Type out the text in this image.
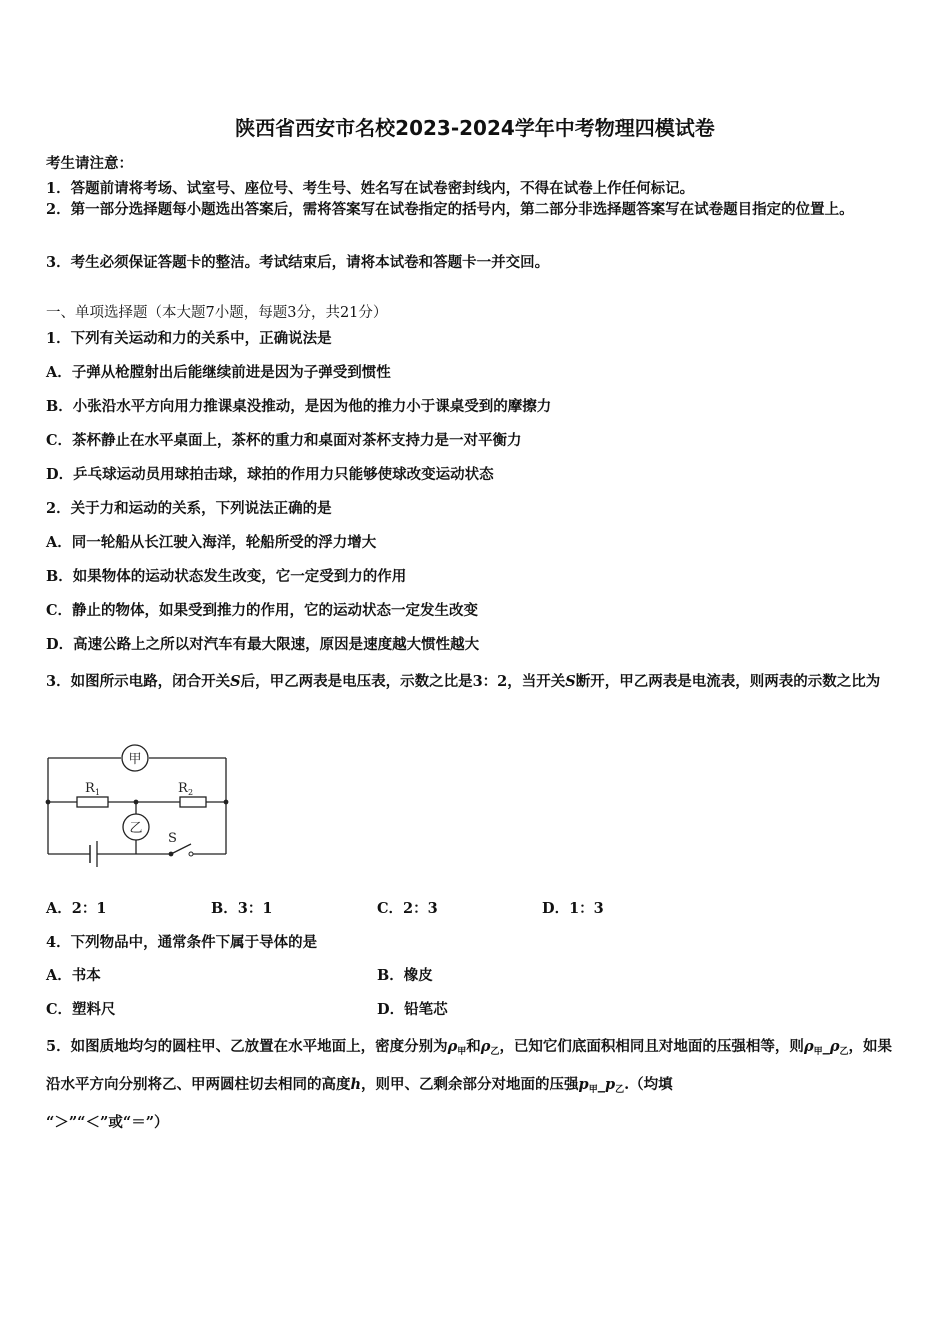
陕西省西安市名校2023-2024学年中考物理四模试卷
考生请注意：
1．答题前请将考场、试室号、座位号、考生号、姓名写在试卷密封线内，不得在试卷上作任何标记。
2．第一部分选择题每小题选出答案后，需将答案写在试卷指定的括号内，第二部分非选择题答案写在试卷题目指定的位置上。
3．考生必须保证答题卡的整洁。考试结束后，请将本试卷和答题卡一并交回。
一、单项选择题（本大题7小题，每题3分，共21分）
1．下列有关运动和力的关系中，正确说法是
A．子弹从枪膛射出后能继续前进是因为子弹受到惯性
B．小张沿水平方向用力推课桌没推动，是因为他的推力小于课桌受到的摩擦力
C．茶杯静止在水平桌面上，茶杯的重力和桌面对茶杯支持力是一对平衡力
D．乒乓球运动员用球拍击球，球拍的作用力只能够使球改变运动状态
2．关于力和运动的关系，下列说法正确的是
A．同一轮船从长江驶入海洋，轮船所受的浮力增大
B．如果物体的运动状态发生改变，它一定受到力的作用
C．静止的物体，如果受到推力的作用，它的运动状态一定发生改变
D．高速公路上之所以对汽车有最大限速，原因是速度越大惯性越大
3．如图所示电路，闭合开关S后，甲乙两表是电压表，示数之比是3：2，当开关S断开，甲乙两表是电流表，则两表的示数之比为
甲
乙
R 1	R 2
S
A．2：1	B．3：1	C．2：3	D．1：3
4．下列物品中，通常条件下属于导体的是
A．书本	B．橡皮
C．塑料尺	D．铅笔芯
5．如图质地均匀的圆柱甲、乙放置在水平地面上，密度分别为$\rho_甲$和$\rho_乙$，已知它们底面积相同且对地面的压强相等，则$\rho_甲\_\rho_乙$，如果沿水平方向分别将乙、甲两圆柱切去相同的高度h，则甲、乙剩余部分对地面的压强$p_甲\_p_乙$.（均填
“＞”“＜”或“＝”）
